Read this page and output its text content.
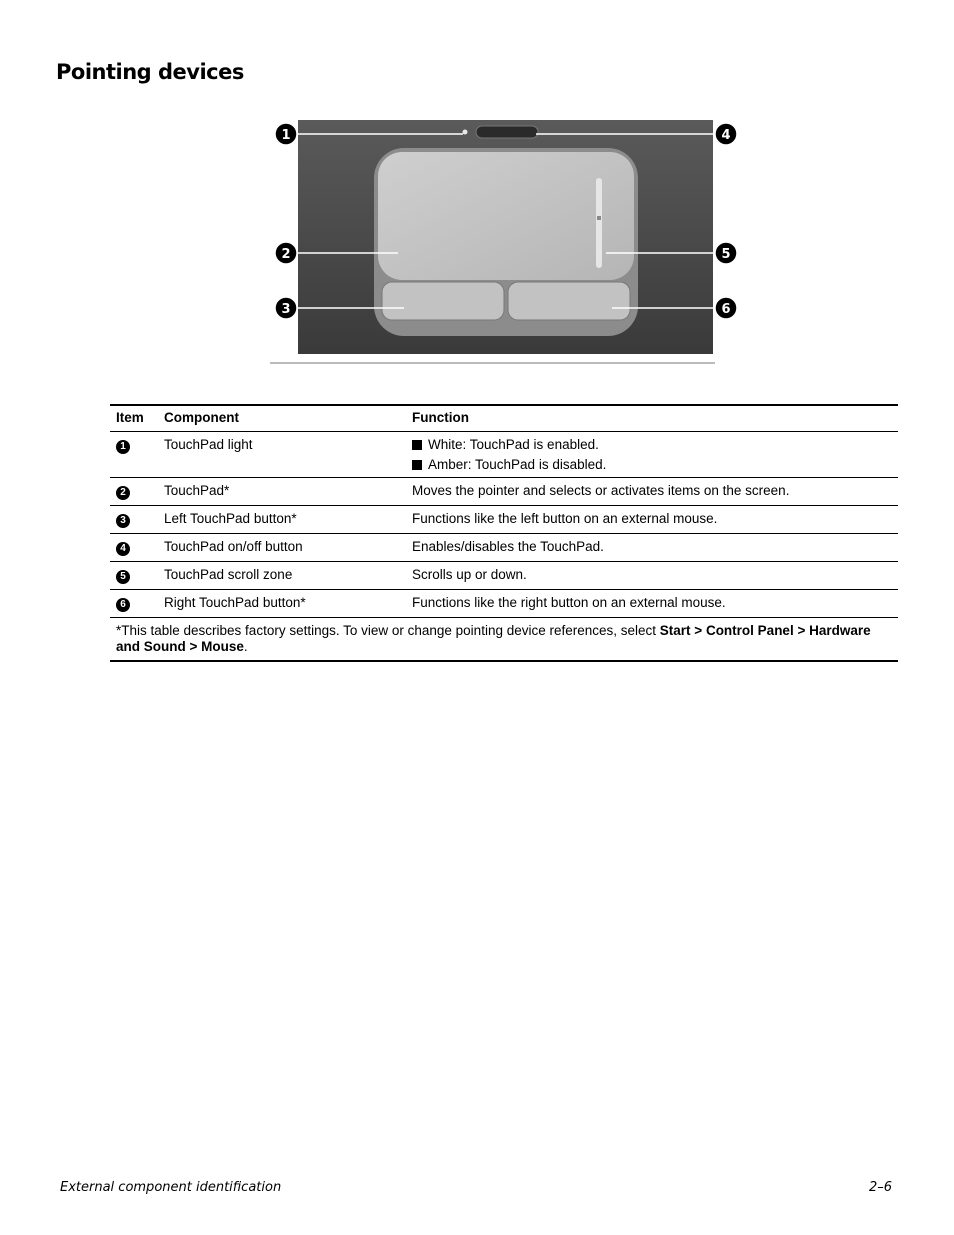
Pointing devices
1
2
3
4
5
6
Item	Component	Function
1	TouchPad light	White: TouchPad is enabled.
Amber: TouchPad is disabled.

2	TouchPad*	Moves the pointer and selects or activates items on the screen.
3	Left TouchPad button*	Functions like the left button on an external mouse.
4	TouchPad on/off button	Enables/disables the TouchPad.
5	TouchPad scroll zone	Scrolls up or down.
6	Right TouchPad button*	Functions like the right button on an external mouse.
*This table describes factory settings. To view or change pointing device references, select Start > Control Panel > Hardware and Sound > Mouse.		
External component identification	2–6
